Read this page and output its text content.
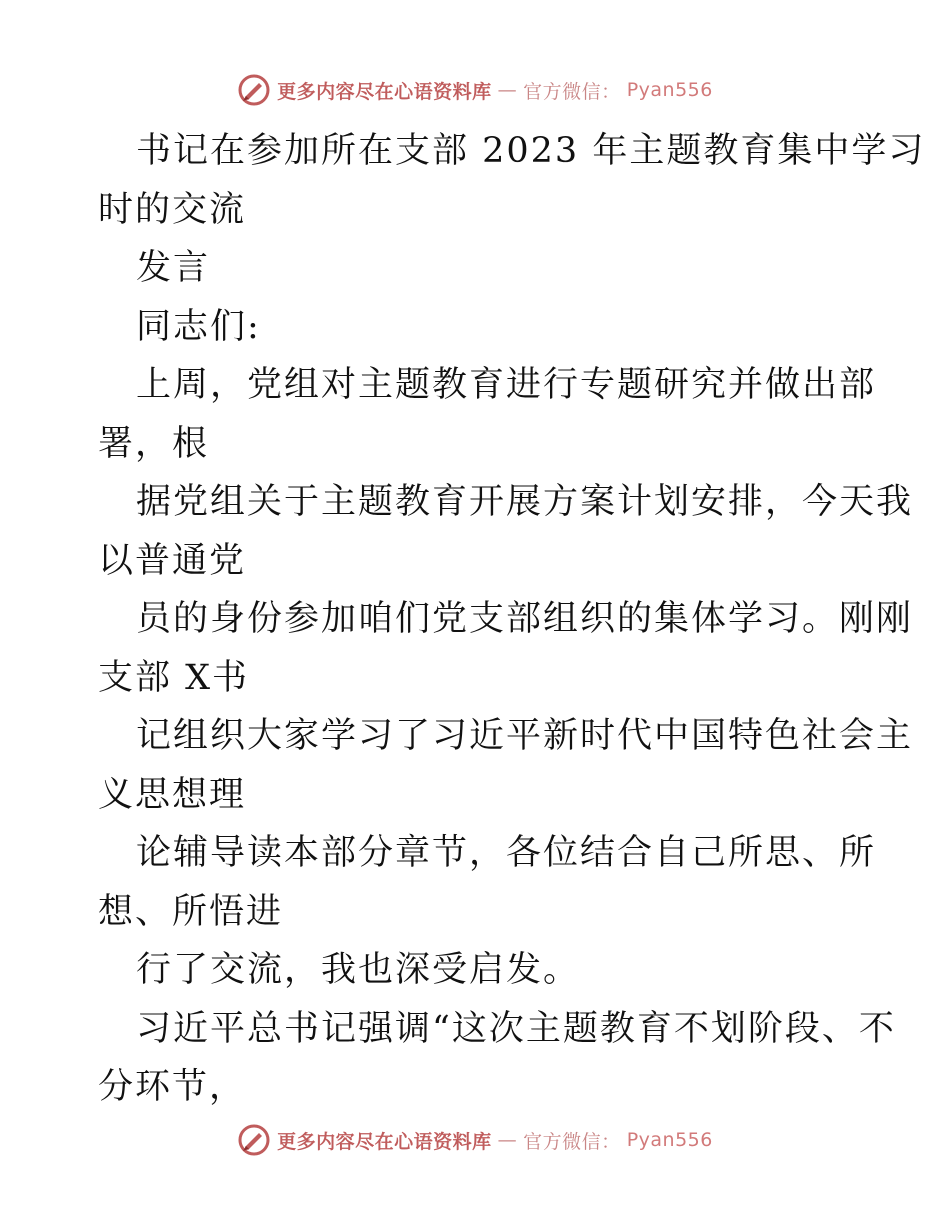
更多内容尽在心语资料库 — 官方微信： Pyan556
书记在参加所在支部 2023 年主题教育集中学习
时的交流
发言
同志们:
上周，党组对主题教育进行专题研究并做出部
署，根
据党组关于主题教育开展方案计划安排，今天我
以普通党
员的身份参加咱们党支部组织的集体学习。刚刚
支部 X书
记组织大家学习了习近平新时代中国特色社会主
义思想理
论辅导读本部分章节，各位结合自己所思、所
想、所悟进
行了交流，我也深受启发。
习近平总书记强调“这次主题教育不划阶段、不
分环节，
更多内容尽在心语资料库 — 官方微信： Pyan556
